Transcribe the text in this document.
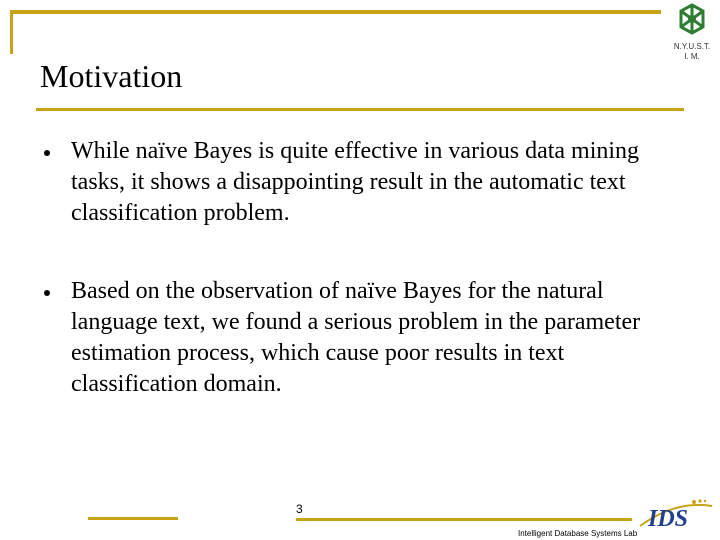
N.Y.U.S.T.
I. M.
Motivation
While naïve Bayes is quite effective in various data mining tasks, it shows a disappointing result in the automatic text classification problem.
Based on the observation of naïve Bayes for the natural language text, we found a serious problem in the parameter estimation process, which cause poor results in text classification domain.
3
Intelligent Database Systems Lab
IDS
